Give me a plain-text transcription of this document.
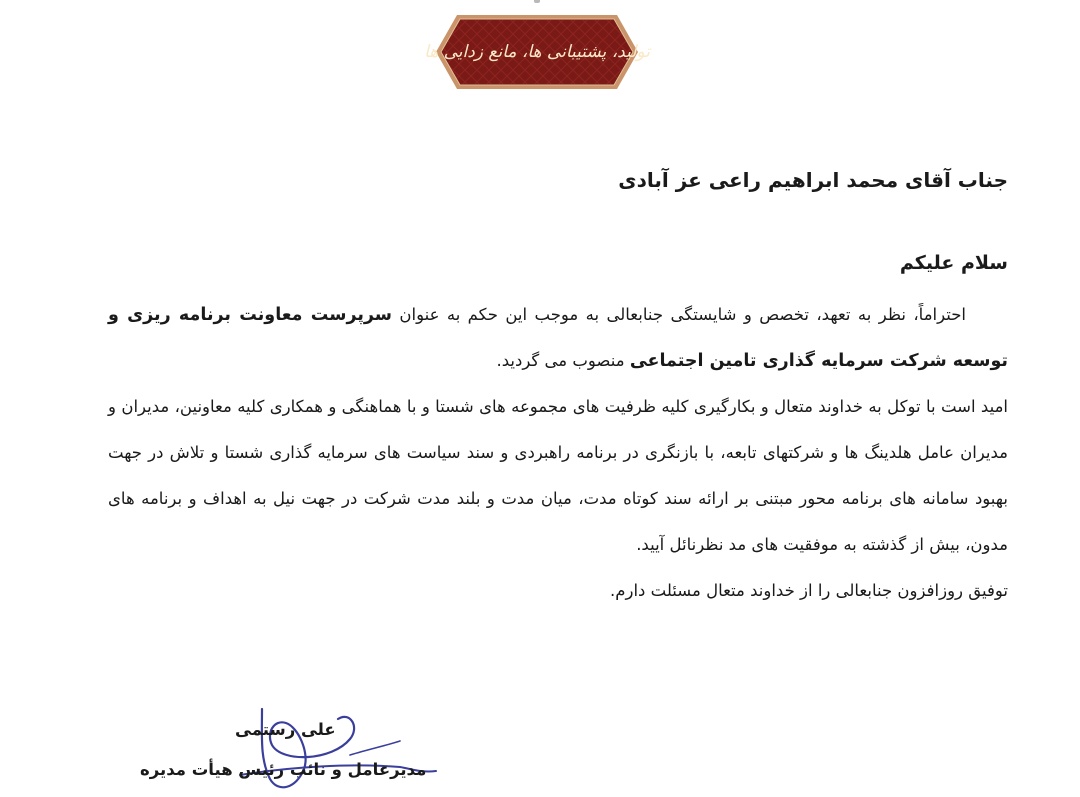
تولید، پشتیبانی ها، مانع زدایی ها
جناب آقای محمد ابراهیم راعی عز آبادی
سلام علیکم

احتراماً، نظر به تعهد، تخصص و شایستگی جنابعالی به موجب این حکم به عنوان سرپرست معاونت برنامه ریزی و توسعه شرکت سرمایه گذاری تامین اجتماعی منصوب می گردید.

امید است با توکل به خداوند متعال و بکارگیری کلیه ظرفیت های مجموعه های شستا و با هماهنگی و همکاری کلیه معاونین، مدیران و مدیران عامل هلدینگ ها و شرکتهای تابعه، با بازنگری در برنامه راهبردی و سند سیاست های سرمایه گذاری شستا و تلاش در جهت بهبود سامانه های برنامه محور مبتنی بر ارائه سند کوتاه مدت، میان مدت و بلند مدت شرکت در جهت نیل به اهداف و برنامه های مدون، بیش از گذشته به موفقیت های مد نظرنائل آیید.

توفیق روزافزون جنابعالی را از خداوند متعال مسئلت دارم.

علی رستمی
مدیرعامل و نائب رئیس هیأت مدیره
